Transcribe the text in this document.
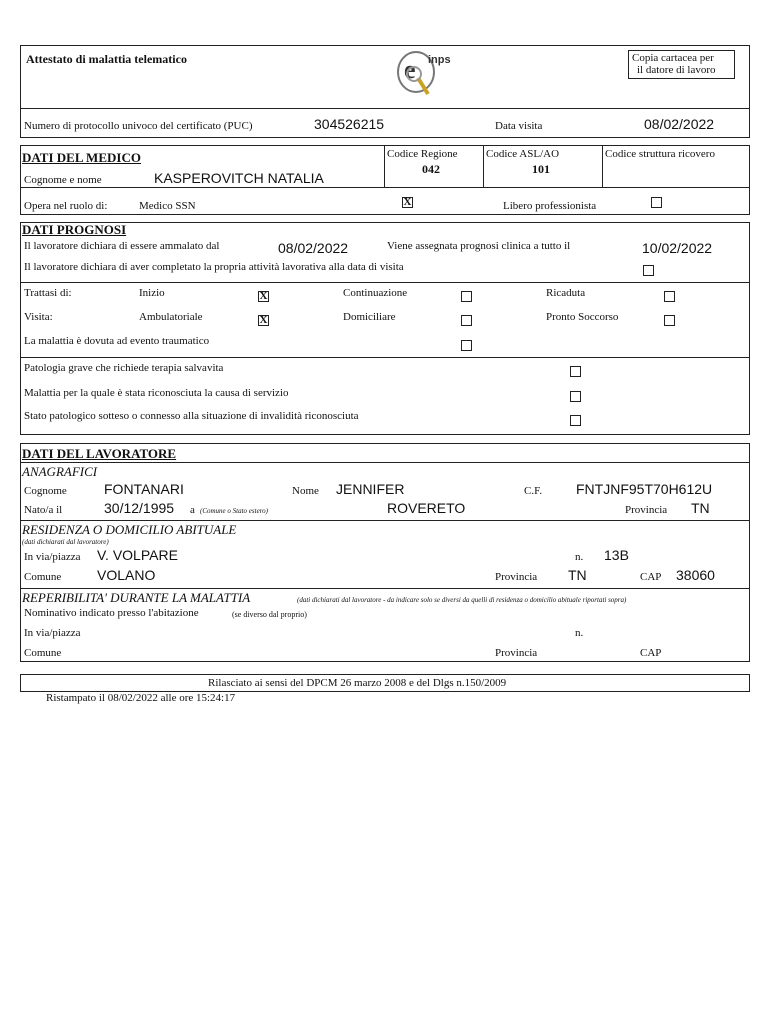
Attestato di malattia telematico	e inps	Copia cartacea per
il datore di lavoro
Numero di protocollo univoco del certificato (PUC)	304526215	Data visita	08/02/2022
DATI DEL MEDICO
Cognome e nome	KASPEROVITCH NATALIA
Codice Regione
042
Codice ASL/AO
101
Codice struttura ricovero
Opera nel ruolo di:	Medico SSN	X	Libero professionista
DATI PROGNOSI
Il lavoratore dichiara di essere ammalato dal	08/02/2022	Viene assegnata prognosi clinica a tutto il	10/02/2022
Il lavoratore dichiara di aver completato la propria attività lavorativa alla data di visita
Trattasi di:	Inizio	X	Continuazione	Ricaduta
Visita:	Ambulatoriale	X	Domiciliare	Pronto Soccorso
La malattia è dovuta ad evento traumatico
Patologia grave che richiede terapia salvavita
Malattia per la quale è stata riconosciuta la causa di servizio
Stato patologico sotteso o connesso alla situazione di invalidità riconosciuta
DATI DEL LAVORATORE
ANAGRAFICI
Cognome	FONTANARI	Nome JENNIFER	C.F. FNTJNF95T70H612U
Nato/a il	30/12/1995 a (Comune o Stato estero)	ROVERETO	Provincia TN
RESIDENZA O DOMICILIO ABITUALE
(dati dichiarati dal lavoratore)
In via/piazza V. VOLPARE	n. 13B
Comune	VOLANO	Provincia TN	CAP 38060
REPERIBILITA' DURANTE LA MALATTIA	(dati dichiarati dal lavoratore - da indicare solo se diversi da quelli di residenza o domicilio abituale riportati sopra)
Nominativo indicato presso l'abitazione	(se diverso dal proprio)
In via/piazza	n.
Comune	Provincia	CAP
Rilasciato ai sensi del DPCM 26 marzo 2008 e del Dlgs n.150/2009
Ristampato il 08/02/2022 alle ore 15:24:17
